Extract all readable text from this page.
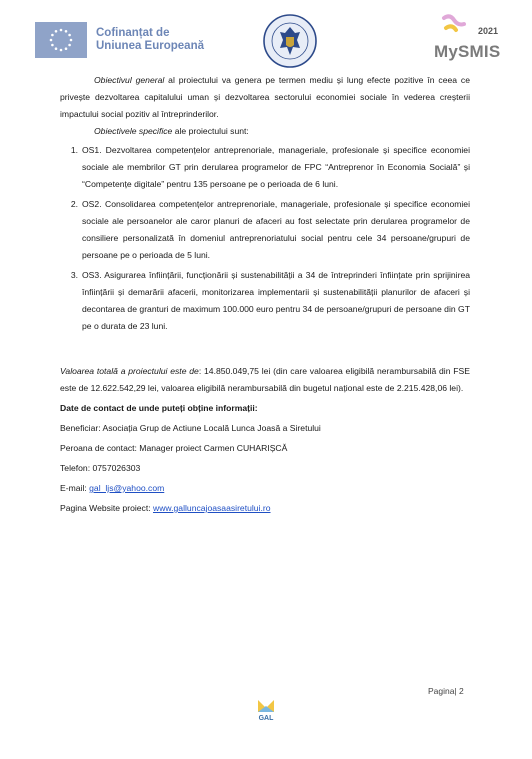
Cofinanțat de
Uniunea Europeană
2021
MySMIS

Obiectivul general al proiectului va genera pe termen mediu și lung efecte pozitive în ceea ce privește dezvoltarea capitalului uman și dezvoltarea sectorului economiei sociale în vederea creșterii impactului social pozitiv al întreprinderilor.

Obiectivele specifice ale proiectului sunt:

1. OS1. Dezvoltarea competențelor antreprenoriale, manageriale, profesionale și specifice economiei sociale ale membrilor GT prin derularea programelor de FPC “Antreprenor în Economia Socială” și “Competențe digitale” pentru 135 persoane pe o perioada de 6 luni.
2. OS2. Consolidarea competențelor antreprenoriale, manageriale, profesionale și specifice economiei sociale ale persoanelor ale caror planuri de afaceri au fost selectate prin derularea programelor de consiliere personalizată în domeniul antreprenoriatului social pentru cele 34 persoane/grupuri de persoane pe o perioada de 5 luni.
3. OS3. Asigurarea înființării, funcționării și sustenabilității a 34 de întreprinderi înființate prin sprijinirea înființării și demarării afacerii, monitorizarea implementarii și sustenabilității planurilor de afaceri și decontarea de granturi de maximum 100.000 euro pentru 34 de persoane/grupuri de persoane din GT pe o durata de 23 luni.

Valoarea totală a proiectului este de: 14.850.049,75 lei (din care valoarea eligibilă nerambursabilă din FSE este de 12.622.542,29 lei, valoarea eligibilă nerambursabilă din bugetul național este de 2.215.428,06 lei).

Date de contact de unde puteți obține informații:

Beneficiar: Asociația Grup de Actiune Locală Lunca Joasă a Siretului

Peroana de contact: Manager proiect Carmen CUHARIȘCĂ

Telefon: 0757026303

E-mail: gal_ljs@yahoo.com

Pagina Website proiect: www.galluncajoasaasiretului.ro

Pagina| 2
GAL
